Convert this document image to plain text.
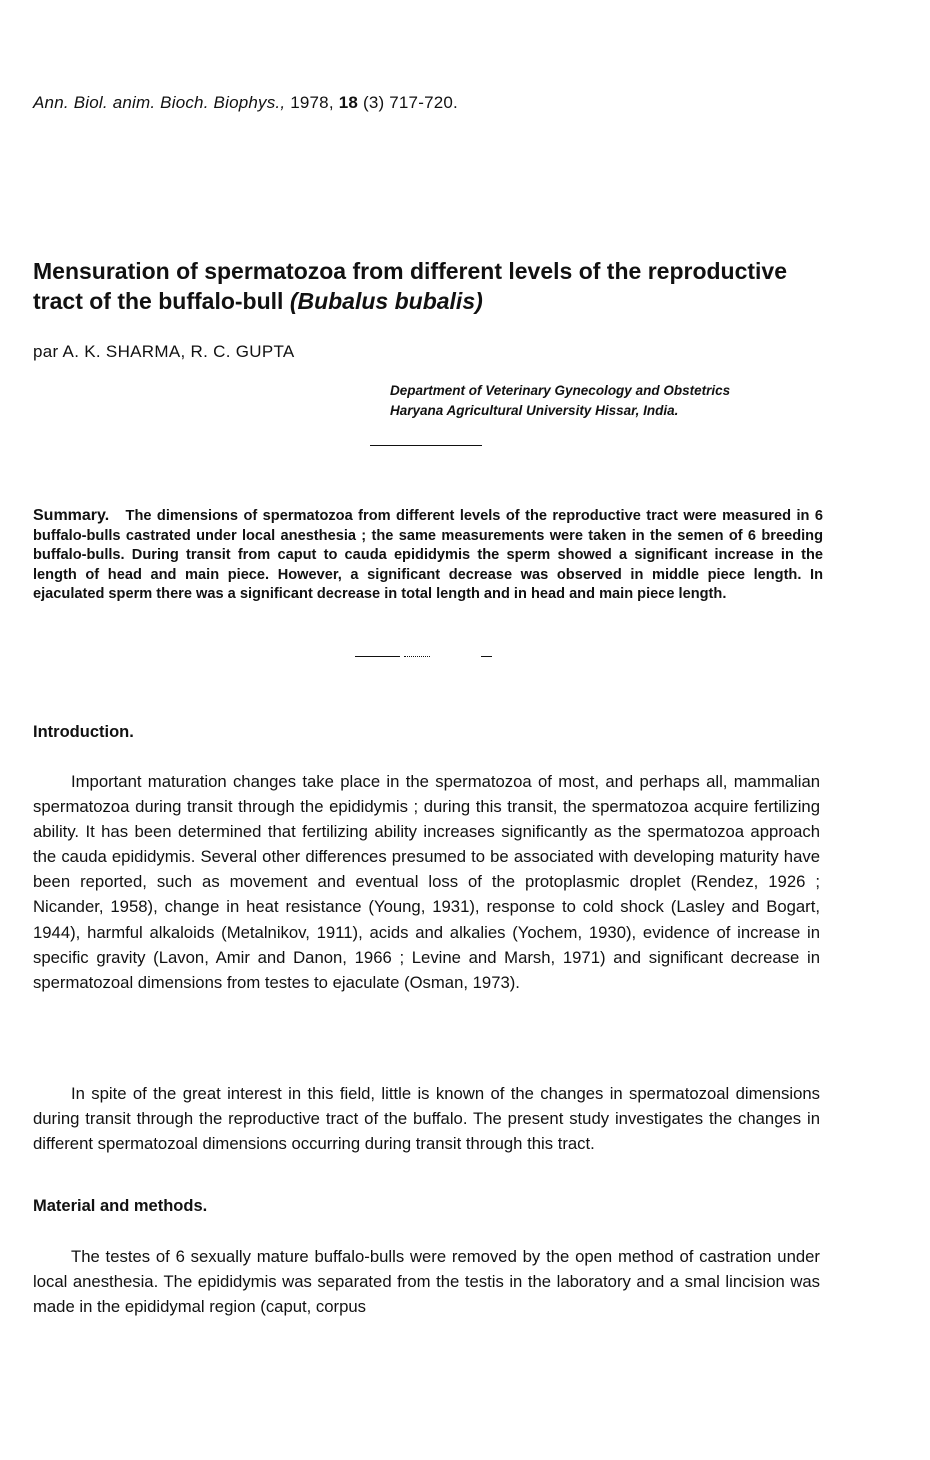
Ann. Biol. anim. Bioch. Biophys., 1978, 18 (3) 717-720.
Mensuration of spermatozoa from different levels of the reproductive tract of the buffalo-bull (Bubalus bubalis)
par A. K. SHARMA, R. C. GUPTA
Department of Veterinary Gynecology and Obstetrics
Haryana Agricultural University Hissar, India.

Summary. The dimensions of spermatozoa from different levels of the reproductive tract were measured in 6 buffalo-bulls castrated under local anesthesia ; the same measurements were taken in the semen of 6 breeding buffalo-bulls. During transit from caput to cauda epididymis the sperm showed a significant increase in the length of head and main piece. However, a significant decrease was observed in middle piece length. In ejaculated sperm there was a significant decrease in total length and in head and main piece length.

Introduction.

Important maturation changes take place in the spermatozoa of most, and perhaps all, mammalian spermatozoa during transit through the epididymis ; during this transit, the spermatozoa acquire fertilizing ability. It has been determined that fertilizing ability increases significantly as the spermatozoa approach the cauda epididymis. Several other differences presumed to be associated with developing maturity have been reported, such as movement and eventual loss of the protoplasmic droplet (Rendez, 1926 ; Nicander, 1958), change in heat resistance (Young, 1931), response to cold shock (Lasley and Bogart, 1944), harmful alkaloids (Metalnikov, 1911), acids and alkalies (Yochem, 1930), evidence of increase in specific gravity (Lavon, Amir and Danon, 1966 ; Levine and Marsh, 1971) and significant decrease in spermatozoal dimensions from testes to ejaculate (Osman, 1973).

In spite of the great interest in this field, little is known of the changes in spermatozoal dimensions during transit through the reproductive tract of the buffalo. The present study investigates the changes in different spermatozoal dimensions occurring during transit through this tract.

Material and methods.

The testes of 6 sexually mature buffalo-bulls were removed by the open method of castration under local anesthesia. The epididymis was separated from the testis in the laboratory and a smal lincision was made in the epididymal region (caput, corpus
